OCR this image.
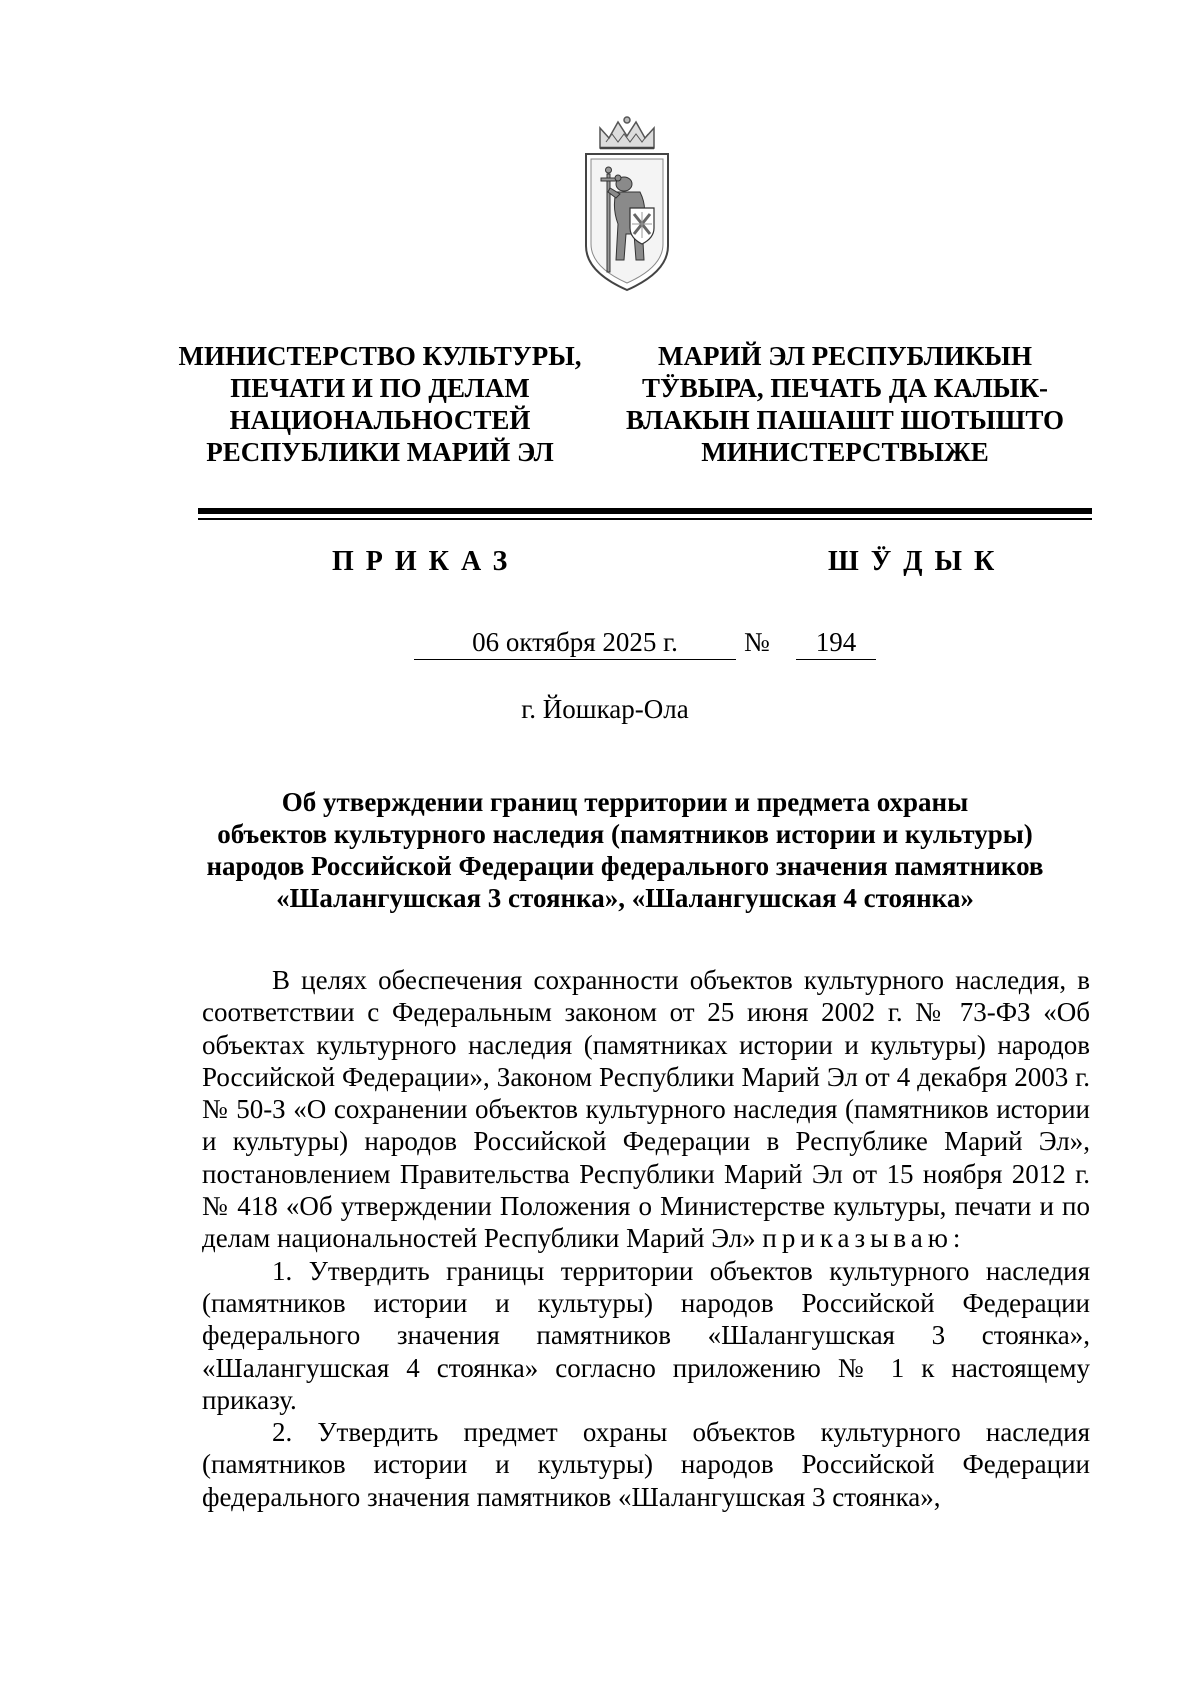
МИНИСТЕРСТВО КУЛЬТУРЫ,
ПЕЧАТИ И ПО ДЕЛАМ
НАЦИОНАЛЬНОСТЕЙ
РЕСПУБЛИКИ МАРИЙ ЭЛ
МАРИЙ ЭЛ РЕСПУБЛИКЫН
ТӰВЫРА, ПЕЧАТЬ ДА КАЛЫК-
ВЛАКЫН ПАШАШТ ШОТЫШТО
МИНИСТЕРСТВЫЖЕ
ПРИКАЗ	ШӰДЫК
06 октября 2025 г.	№	194
г. Йошкар-Ола
Об утверждении границ территории и предмета охраны
объектов культурного наследия (памятников истории и культуры)
народов Российской Федерации федерального значения памятников
«Шалангушская 3 стоянка», «Шалангушская 4 стоянка»

В целях обеспечения сохранности объектов культурного наследия, в соответствии с Федеральным законом от 25 июня 2002 г. № 73-ФЗ «Об объектах культурного наследия (памятниках истории и культуры) народов Российской Федерации», Законом Республики Марий Эл от 4 декабря 2003 г. № 50-З «О сохранении объектов культурного наследия (памятников истории и культуры) народов Российской Федерации в Республике Марий Эл», постановлением Правительства Республики Марий Эл от 15 ноября 2012 г. № 418 «Об утверждении Положения о Министерстве культуры, печати и по делам национальностей Республики Марий Эл» приказываю:

1. Утвердить границы территории объектов культурного наследия (памятников истории и культуры) народов Российской Федерации федерального значения памятников «Шалангушская 3 стоянка», «Шалангушская 4 стоянка» согласно приложению № 1 к настоящему приказу.

2. Утвердить предмет охраны объектов культурного наследия (памятников истории и культуры) народов Российской Федерации федерального значения памятников «Шалангушская 3 стоянка»,
